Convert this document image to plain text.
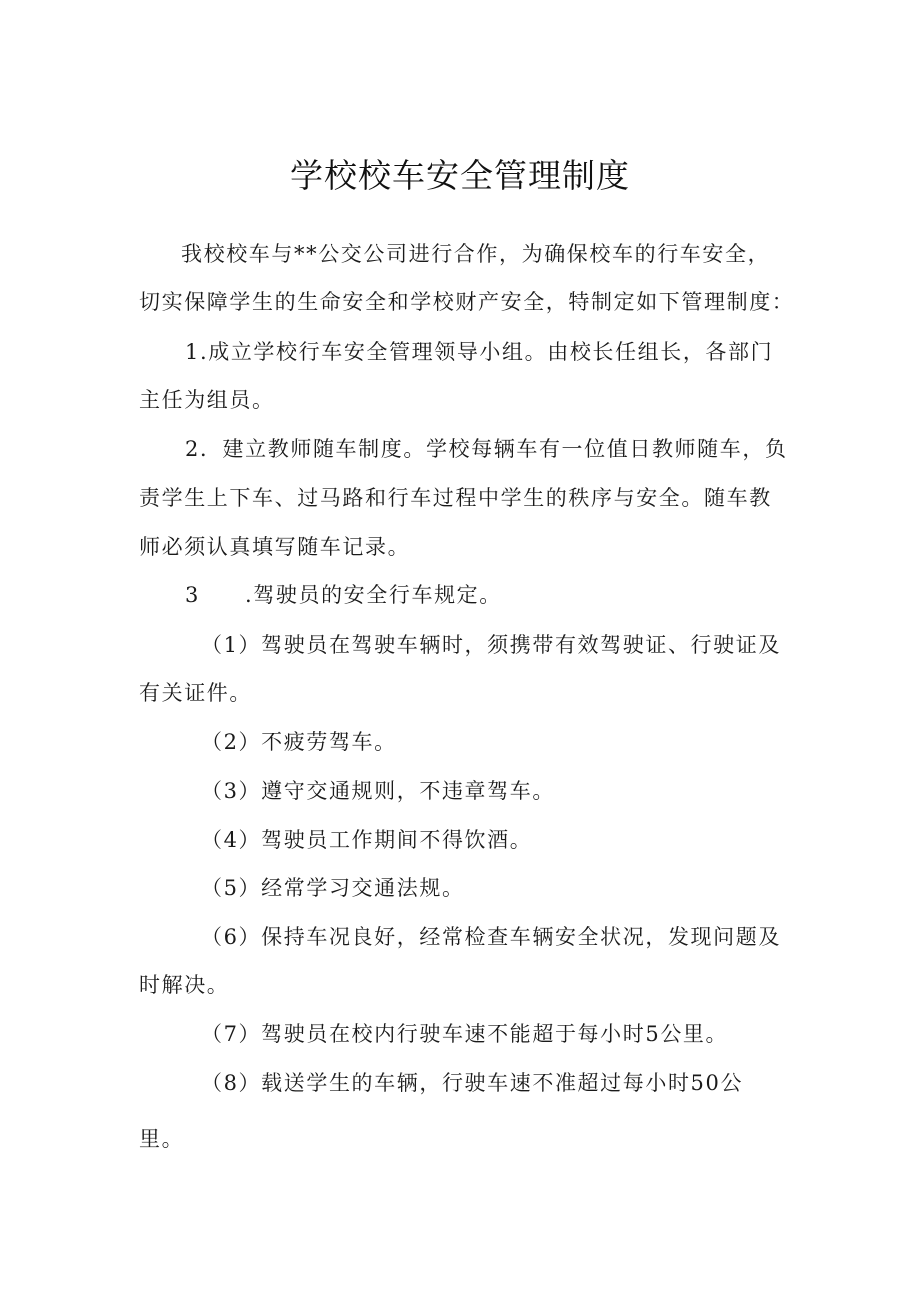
学校校车安全管理制度
我校校车与**公交公司进行合作，为确保校车的行车安全，
切实保障学生的生命安全和学校财产安全，特制定如下管理制度：
1.成立学校行车安全管理领导小组。由校长任组长，各部门
主任为组员。
2．建立教师随车制度。学校每辆车有一位值日教师随车，负
责学生上下车、过马路和行车过程中学生的秩序与安全。随车教
师必须认真填写随车记录。
3 .驾驶员的安全行车规定。
（1）驾驶员在驾驶车辆时，须携带有效驾驶证、行驶证及
有关证件。
（2）不疲劳驾车。
（3）遵守交通规则，不违章驾车。
（4）驾驶员工作期间不得饮酒。
（5）经常学习交通法规。
（6）保持车况良好，经常检查车辆安全状况，发现问题及
时解决。
（7）驾驶员在校内行驶车速不能超于每小时5公里。
（8）载送学生的车辆，行驶车速不准超过每小时50公
里。
